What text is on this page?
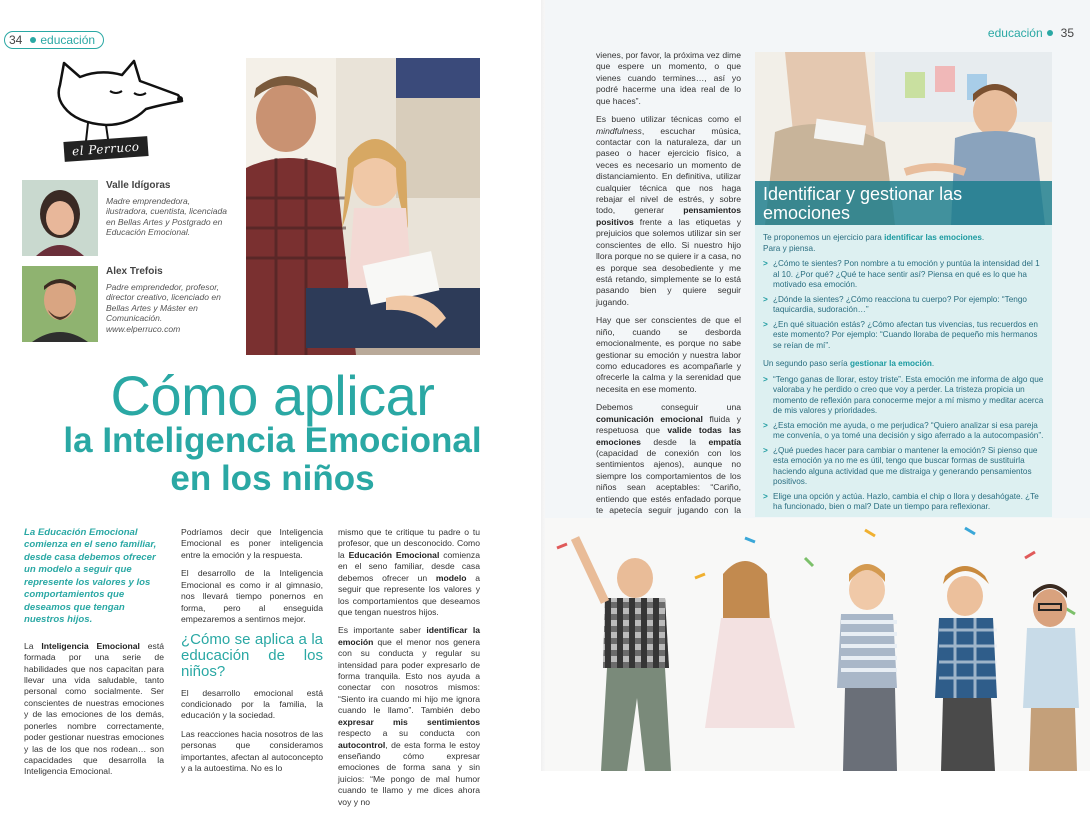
34 educación
el Perruco
Valle Idígoras
Madre emprendedora, ilustradora, cuentista, licenciada en Bellas Artes y Postgrado en Educación Emocional.
Alex Trefois
Padre emprendedor, profesor, director creativo, licenciado en Bellas Artes y Máster en Comunicación.
www.elperruco.com
Cómo aplicar
la Inteligencia Emocional
en los niños

La Educación Emocional comienza en el seno familiar, desde casa debemos ofrecer un modelo a seguir que represente los valores y los comportamientos que deseamos que tengan nuestros hijos.

La Inteligencia Emocional está formada por una serie de habilidades que nos capacitan para llevar una vida saludable, tanto personal como socialmente. Ser conscientes de nuestras emociones y de las emociones de los demás, ponerles nombre correctamente, poder gestionar nuestras emociones y las de los que nos rodean… son capacidades que desarrolla la Inteligencia Emocional.

Podríamos decir que Inteligencia Emocional es poner inteligencia entre la emoción y la respuesta.

El desarrollo de la Inteligencia Emocional es como ir al gimnasio, nos llevará tiempo ponernos en forma, pero al enseguida empezaremos a sentirnos mejor.

¿Cómo se aplica a la educación de los niños?

El desarrollo emocional está condicionado por la familia, la educación y la sociedad.

Las reacciones hacia nosotros de las personas que consideramos importantes, afectan al autoconcepto y a la autoestima. No es lo

mismo que te critique tu padre o tu profesor, que un desconocido. Como la Educación Emocional comienza en el seno familiar, desde casa debemos ofrecer un modelo a seguir que represente los valores y los comportamientos que deseamos que tengan nuestros hijos.

Es importante saber identificar la emoción que el menor nos genera con su conducta y regular su intensidad para poder expresarlo de forma tranquila. Esto nos ayuda a conectar con nosotros mismos: “Siento ira cuando mi hijo me ignora cuando le llamo”. También debo expresar mis sentimientos respecto a su conducta con autocontrol, de esta forma le estoy enseñando cómo expresar emociones de forma sana y sin juicios: “Me pongo de mal humor cuando te llamo y me dices ahora voy y no

educación 35

vienes, por favor, la próxima vez dime que espere un momento, o que vienes cuando termines…, así yo podré hacerme una idea real de lo que haces”.

Es bueno utilizar técnicas como el mindfulness, escuchar música, contactar con la naturaleza, dar un paseo o hacer ejercicio físico, a veces es necesario un momento de distanciamiento. En definitiva, utilizar cualquier técnica que nos haga rebajar el nivel de estrés, y sobre todo, generar pensamientos positivos frente a las etiquetas y prejuicios que solemos utilizar sin ser conscientes de ello. Si nuestro hijo llora porque no se quiere ir a casa, no es porque sea desobediente y me está retando, simplemente se lo está pasando bien y quiere seguir jugando.

Hay que ser conscientes de que el niño, cuando se desborda emocionalmente, es porque no sabe gestionar su emoción y nuestra labor como educadores es acompañarle y ofrecerle la calma y la serenidad que necesita en ese momento.

Debemos conseguir una comunicación emocional fluida y respetuosa que valide todas las emociones desde la empatía (capacidad de conexión con los sentimientos ajenos), aunque no siempre los comportamientos de los niños sean aceptables: “Cariño, entiendo que estés enfadado porque te apetecía seguir jugando con la

Identificar y gestionar las emociones

Te proponemos un ejercicio para identificar las emociones.
Para y piensa.

> ¿Cómo te sientes? Pon nombre a tu emoción y puntúa la intensidad del 1 al 10. ¿Por qué? ¿Qué te hace sentir así? Piensa en qué es lo que ha motivado esa emoción.
> ¿Dónde la sientes? ¿Cómo reacciona tu cuerpo? Por ejemplo: “Tengo taquicardia, sudoración…”
> ¿En qué situación estás? ¿Cómo afectan tus vivencias, tus recuerdos en este momento? Por ejemplo: “Cuando lloraba de pequeño mis hermanos se reían de mí”.

Un segundo paso sería gestionar la emoción.

> “Tengo ganas de llorar, estoy triste”. Esta emoción me informa de algo que valoraba y he perdido o creo que voy a perder. La tristeza propicia un momento de reflexión para conocerme mejor a mí mismo y meditar acerca de mis valores y prioridades.
> ¿Esta emoción me ayuda, o me perjudica? “Quiero analizar si esa pareja me convenía, o ya tomé una decisión y sigo aferrado a la autocompasión”.
> ¿Qué puedes hacer para cambiar o mantener la emoción? Si pienso que esta emoción ya no me es útil, tengo que buscar formas de sustituirla haciendo alguna actividad que me distraiga y generando pensamientos positivos.
> Elige una opción y actúa. Hazlo, cambia el chip o llora y desahógate. ¿Te ha funcionado, bien o mal? Date un tiempo para reflexionar.
>
